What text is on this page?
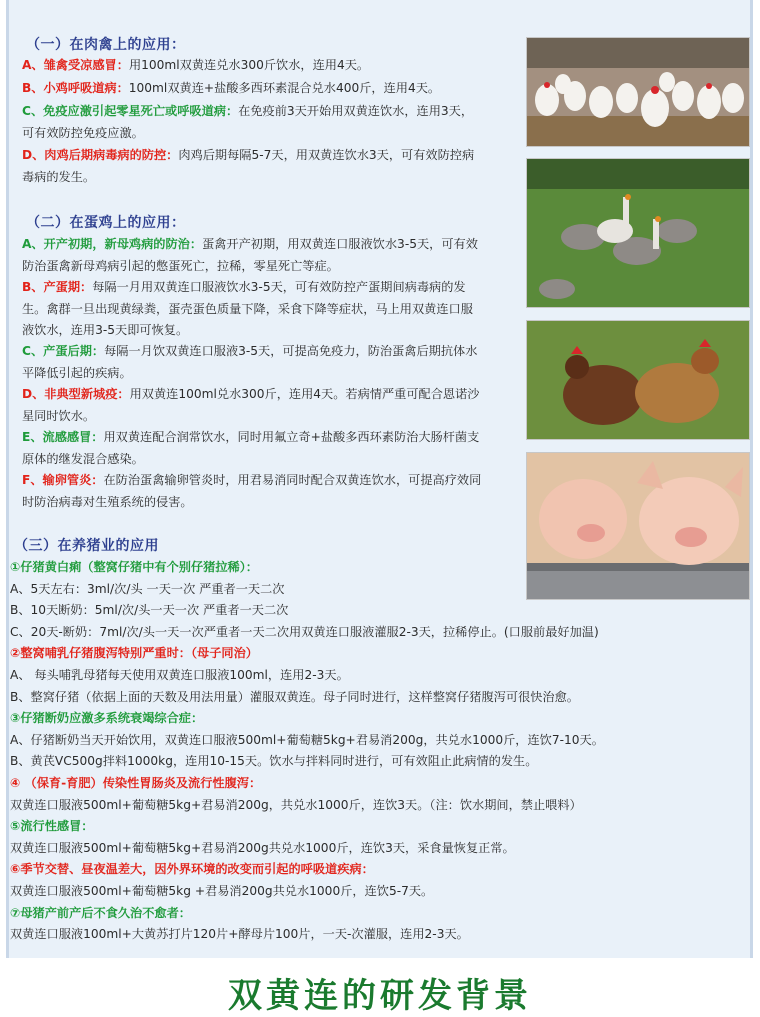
（一）在肉禽上的应用：
A、雏禽受凉感冒：用100ml双黄连兑水300斤饮水，连用4天。
B、小鸡呼吸道病：100ml双黄连+盐酸多西环素混合兑水400斤，连用4天。
C、免疫应激引起零星死亡或呼吸道病：在免疫前3天开始用双黄连饮水，连用3天，可有效防控免疫应激。
D、肉鸡后期病毒病的防控：肉鸡后期每隔5-7天，用双黄连饮水3天，可有效防控病毒病的发生。
（二）在蛋鸡上的应用：
A、开产初期，新母鸡病的防治：蛋禽开产初期，用双黄连口服液饮水3-5天，可有效防治蛋禽新母鸡病引起的憋蛋死亡，拉稀，零星死亡等症。
B、产蛋期：每隔一月用双黄连口服液饮水3-5天，可有效防控产蛋期间病毒病的发生。禽群一旦出现黄绿粪，蛋壳蛋色质量下降，采食下降等症状，马上用双黄连口服液饮水，连用3-5天即可恢复。
C、产蛋后期：每隔一月饮双黄连口服液3-5天，可提高免疫力，防治蛋禽后期抗体水平降低引起的疾病。
D、非典型新城疫：用双黄连100ml兑水300斤，连用4天。若病情严重可配合恩诺沙星同时饮水。
E、流感感冒：用双黄连配合润常饮水，同时用氟立奇+盐酸多西环素防治大肠杆菌支原体的继发混合感染。
F、输卵管炎：在防治蛋禽输卵管炎时，用君易消同时配合双黄连饮水，可提高疗效同时防治病毒对生殖系统的侵害。
（三）在养猪业的应用
①仔猪黄白痢（整窝仔猪中有个别仔猪拉稀）：
A、5天左右：3ml/次/头 一天一次 严重者一天二次
B、10天断奶：5ml/次/头一天一次 严重者一天二次
C、20天-断奶：7ml/次/头一天一次严重者一天二次用双黄连口服液灌服2-3天，拉稀停止。(口服前最好加温)
②整窝哺乳仔猪腹泻特别严重时：（母子同治）
A、 每头哺乳母猪每天使用双黄连口服液100ml，连用2-3天。
B、整窝仔猪（依据上面的天数及用法用量）灌服双黄连。母子同时进行，这样整窝仔猪腹泻可很快治愈。
③仔猪断奶应激多系统衰竭综合症：
A、仔猪断奶当天开始饮用，双黄连口服液500ml+葡萄糖5kg+君易消200g，共兑水1000斤，连饮7-10天。
B、黄芪VC500g拌料1000kg，连用10-15天。饮水与拌料同时进行，可有效阻止此病情的发生。
④ （保育-育肥）传染性胃肠炎及流行性腹泻：
双黄连口服液500ml+葡萄糖5kg+君易消200g，共兑水1000斤，连饮3天。（注：饮水期间，禁止喂料）
⑤流行性感冒：
双黄连口服液500ml+葡萄糖5kg+君易消200g共兑水1000斤，连饮3天，采食量恢复正常。
⑥季节交替、昼夜温差大，因外界环境的改变而引起的呼吸道疾病：
双黄连口服液500ml+葡萄糖5kg +君易消200g共兑水1000斤，连饮5-7天。
⑦母猪产前产后不食久治不愈者：
双黄连口服液100ml+大黄苏打片120片+酵母片100片，一天-次灌服，连用2-3天。
双黄连的研发背景
